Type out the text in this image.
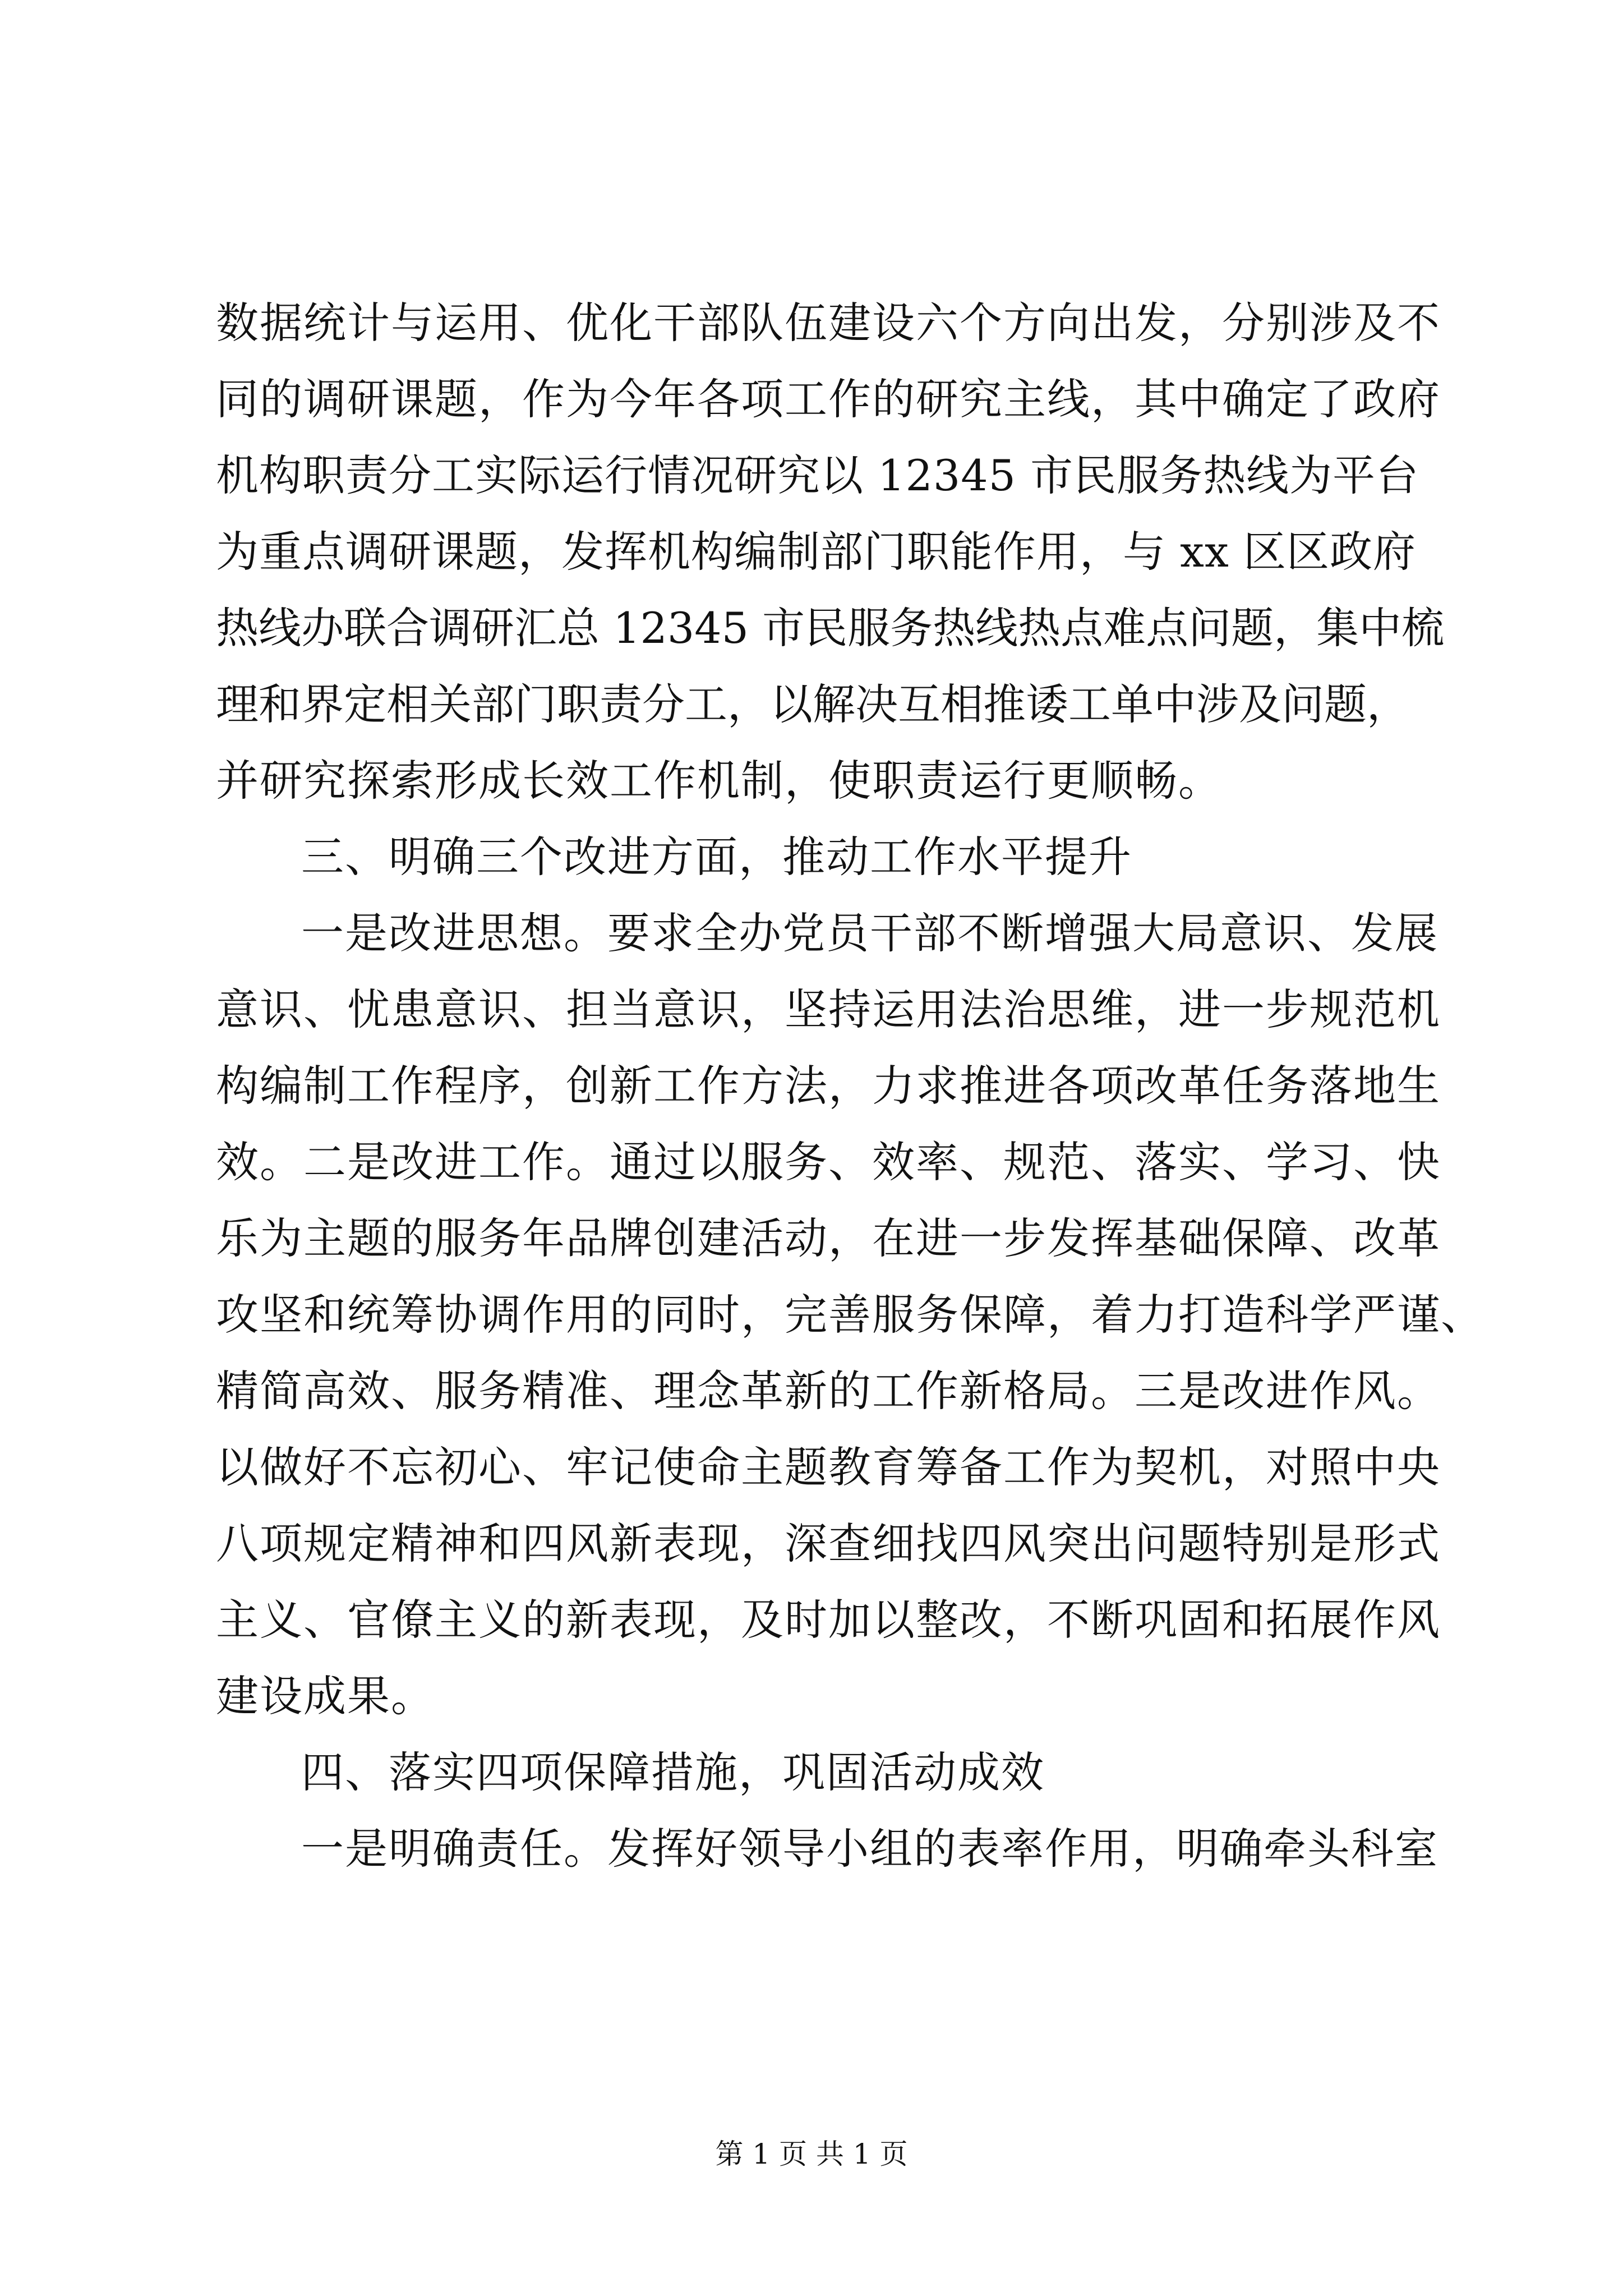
数据统计与运用、优化干部队伍建设六个方向出发，分别涉及不
同的调研课题，作为今年各项工作的研究主线，其中确定了政府
机构职责分工实际运行情况研究以 12345 市民服务热线为平台
为重点调研课题，发挥机构编制部门职能作用，与 xx 区区政府
热线办联合调研汇总 12345 市民服务热线热点难点问题，集中梳
理和界定相关部门职责分工，以解决互相推诿工单中涉及问题，
并研究探索形成长效工作机制，使职责运行更顺畅。
三、明确三个改进方面，推动工作水平提升
一是改进思想。要求全办党员干部不断增强大局意识、发展
意识、忧患意识、担当意识，坚持运用法治思维，进一步规范机
构编制工作程序，创新工作方法，力求推进各项改革任务落地生
效。二是改进工作。通过以服务、效率、规范、落实、学习、快
乐为主题的服务年品牌创建活动，在进一步发挥基础保障、改革
攻坚和统筹协调作用的同时，完善服务保障，着力打造科学严谨、
精简高效、服务精准、理念革新的工作新格局。三是改进作风。
以做好不忘初心、牢记使命主题教育筹备工作为契机，对照中央
八项规定精神和四风新表现，深查细找四风突出问题特别是形式
主义、官僚主义的新表现，及时加以整改，不断巩固和拓展作风
建设成果。
四、落实四项保障措施，巩固活动成效
一是明确责任。发挥好领导小组的表率作用，明确牵头科室
第 1 页 共 1 页
